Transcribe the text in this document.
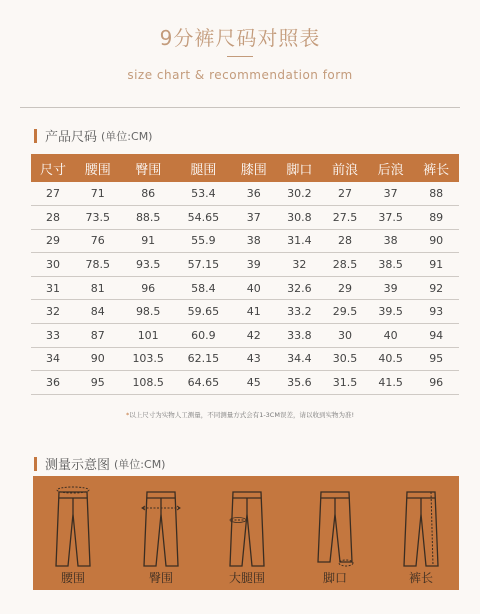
9分裤尺码对照表
size chart & recommendation form
产品尺码 (单位:CM)
尺寸	腰围	臀围	腿围	膝围	脚口	前浪	后浪	裤长
27	71	86	53.4	36	30.2	27	37	88
28	73.5	88.5	54.65	37	30.8	27.5	37.5	89
29	76	91	55.9	38	31.4	28	38	90
30	78.5	93.5	57.15	39	32	28.5	38.5	91
31	81	96	58.4	40	32.6	29	39	92
32	84	98.5	59.65	41	33.2	29.5	39.5	93
33	87	101	60.9	42	33.8	30	40	94
34	90	103.5	62.15	43	34.4	30.5	40.5	95
36	95	108.5	64.65	45	35.6	31.5	41.5	96
*以上尺寸为实物人工测量，不同测量方式会有1-3CM误差，请以收到实物为准!
测量示意图 (单位:CM)
腰围	臀围	大腿围	脚口	裤长
